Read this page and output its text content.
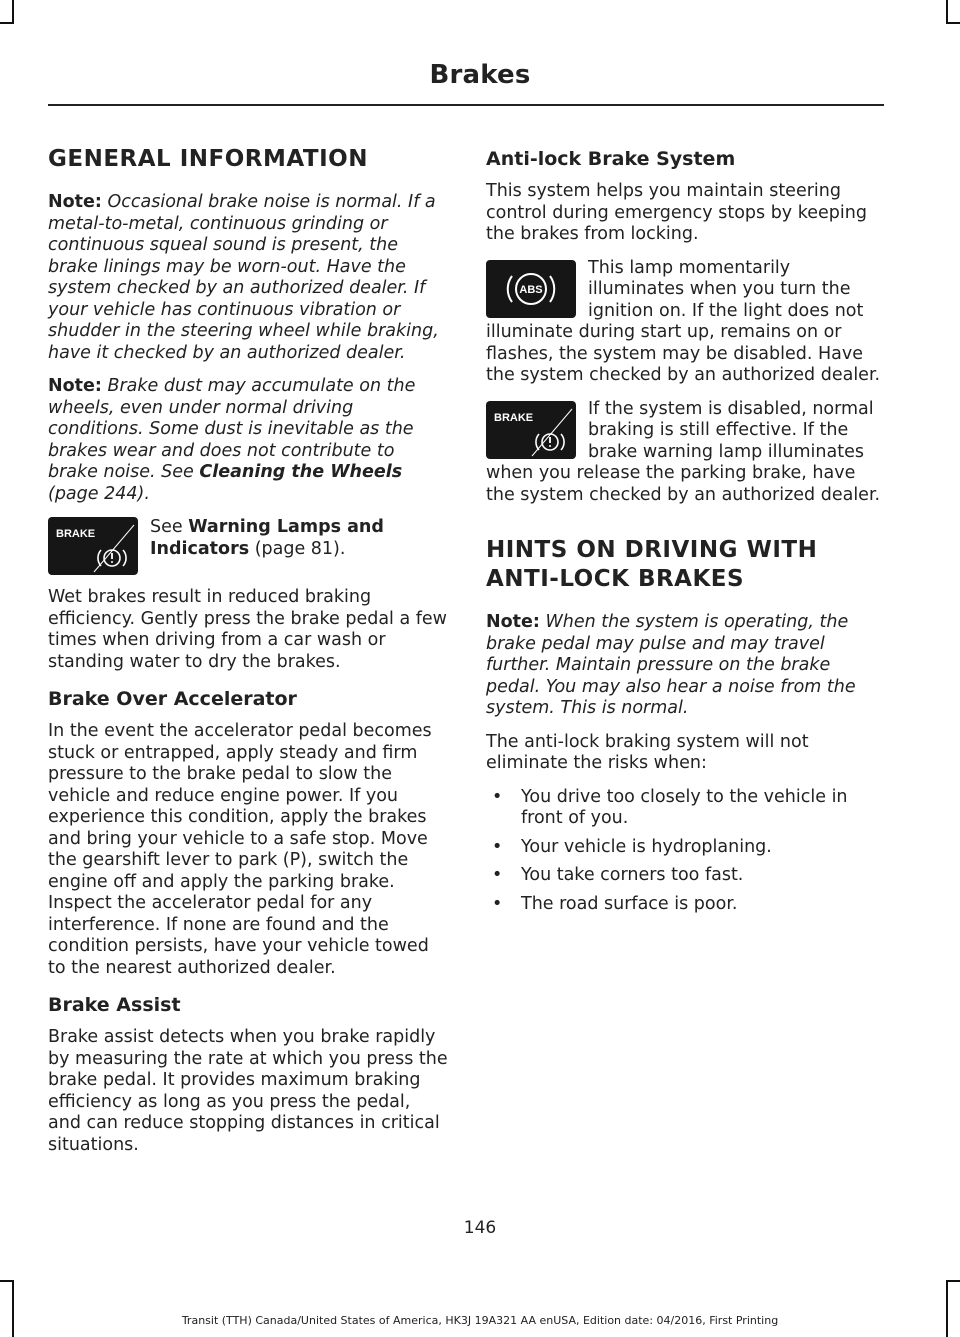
Brakes
GENERAL INFORMATION

Note: Occasional brake noise is normal. If a metal-to-metal, continuous grinding or continuous squeal sound is present, the brake linings may be worn-out. Have the system checked by an authorized dealer. If your vehicle has continuous vibration or shudder in the steering wheel while braking, have it checked by an authorized dealer.

Note: Brake dust may accumulate on the wheels, even under normal driving conditions. Some dust is inevitable as the brakes wear and does not contribute to brake noise. See Cleaning the Wheels (page 244).

BRAKE	See Warning Lamps and Indicators (page 81).

Wet brakes result in reduced braking efficiency. Gently press the brake pedal a few times when driving from a car wash or standing water to dry the brakes.

Brake Over Accelerator

In the event the accelerator pedal becomes stuck or entrapped, apply steady and firm pressure to the brake pedal to slow the vehicle and reduce engine power. If you experience this condition, apply the brakes and bring your vehicle to a safe stop. Move the gearshift lever to park (P), switch the engine off and apply the parking brake. Inspect the accelerator pedal for any interference. If none are found and the condition persists, have your vehicle towed to the nearest authorized dealer.

Brake Assist

Brake assist detects when you brake rapidly by measuring the rate at which you press the brake pedal. It provides maximum braking efficiency as long as you press the pedal, and can reduce stopping distances in critical situations.

Anti-lock Brake System

This system helps you maintain steering control during emergency stops by keeping the brakes from locking.

ABS

This lamp momentarily illuminates when you turn the ignition on. If the light does not illuminate during start up, remains on or flashes, the system may be disabled. Have the system checked by an authorized dealer.

BRAKE	If the system is disabled, normal braking is still effective. If the brake warning lamp illuminates when you release the parking brake, have the system checked by an authorized dealer.

HINTS ON DRIVING WITH ANTI-LOCK BRAKES

Note: When the system is operating, the brake pedal may pulse and may travel further. Maintain pressure on the brake pedal. You may also hear a noise from the system. This is normal.

The anti-lock braking system will not eliminate the risks when:

• You drive too closely to the vehicle in front of you.
• Your vehicle is hydroplaning.
• You take corners too fast.
• The road surface is poor.
146
Transit (TTH) Canada/United States of America, HK3J 19A321 AA enUSA, Edition date: 04/2016, First Printing
